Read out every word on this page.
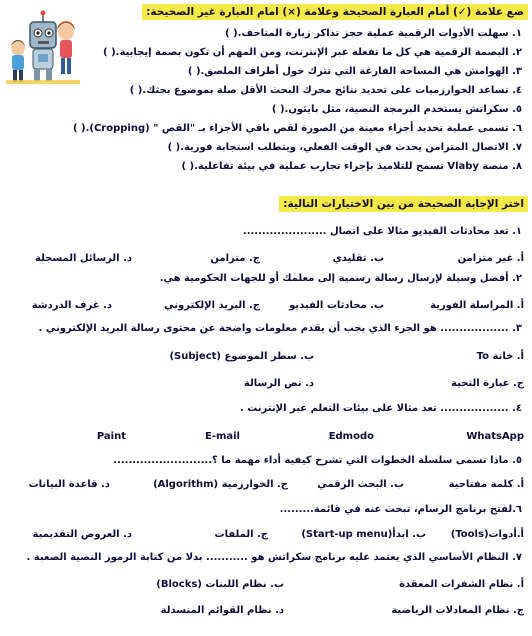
ضع علامة (✓) أمام العبارة الصحيحة وعلامة (×) امام العبارة غير الصحيحة:
١. سهلت الأدوات الرقمية عملية حجز تذاكر زيارة المتاحف.( )
٢. البصمة الرقمية هي كل ما تفعله عبر الإنترنت، ومن المهم أن تكون بصمة إيجابية.( )
٣. الهوامش هي المساحة الفارغة التي تترك حول أطراف الملصق.( )
٤. تساعد الخوارزميات على تحديد نتائج محرك البحث الأقل صلة بموضوع بحثك.( )
٥. سكراتش يستخدم البرمجة النصية، مثل بايثون.( )
٦. تسمى عملية تحديد أجزاء معينة من الصورة لقص باقي الأجزاء بـ "القص " (Cropping).( )
٧. الاتصال المتزامن يحدث في الوقت الفعلي، ويتطلب استجابة فورية.( )
٨. منصة Vlaby تسمح للتلاميذ بإجراء تجارب عملية في بيئة تفاعلية.( )
اختر الإجابة الصحيحة من بين الاختيارات التالية:
١. تعد محادثات الفيديو مثالا على اتصال ......................
أ. غير متزامن
ب. تقليدي
ج. متزامن
د. الرسائل المسجلة
٢. أفضل وسيلة لإرسال رسالة رسمية إلى معلمك أو للجهات الحكومية هي.
أ. المراسلة الفورية
ب. محادثات الفيديو
ج. البريد الإلكتروني
د. غرف الدردشة
٣. .................. هو الجزء الذي يجب أن يقدم معلومات واضحة عن محتوى رسالة البريد الإلكتروني .
أ. خانة To
ب. سطر الموضوع (Subject)
ج. عبارة التحية
د. نص الرسالة
٤. .................. تعد مثالا على بيئات التعلم عبر الإنترنت .
WhatsApp
Edmodo
E-mail
Paint
٥. ماذا تسمى سلسلة الخطوات التي تشرح كيفية أداء مهمة ما ؟..........................
أ. كلمة مفتاحية
ب. البحث الرقمي
ج. الخوارزمية (Algorithm)
د. قاعدة البيانات
٦.لفتح برنامج الرسام، تبحث عنه في قائمة.........
أ.أدوات(Tools)
ب. ابدأ(Start-up menu)
ج. الملفات
د. العروض التقديمية
٧. النظام الأساسي الذي يعتمد عليه برنامج سكراتش هو ........... بدلا من كتابة الرموز النصية الصعبة .
أ. نظام الشفرات المعقدة
ب. نظام اللبنات (Blocks)
ج. نظام المعادلات الرياضية
د. نظام القوائم المنسدلة
